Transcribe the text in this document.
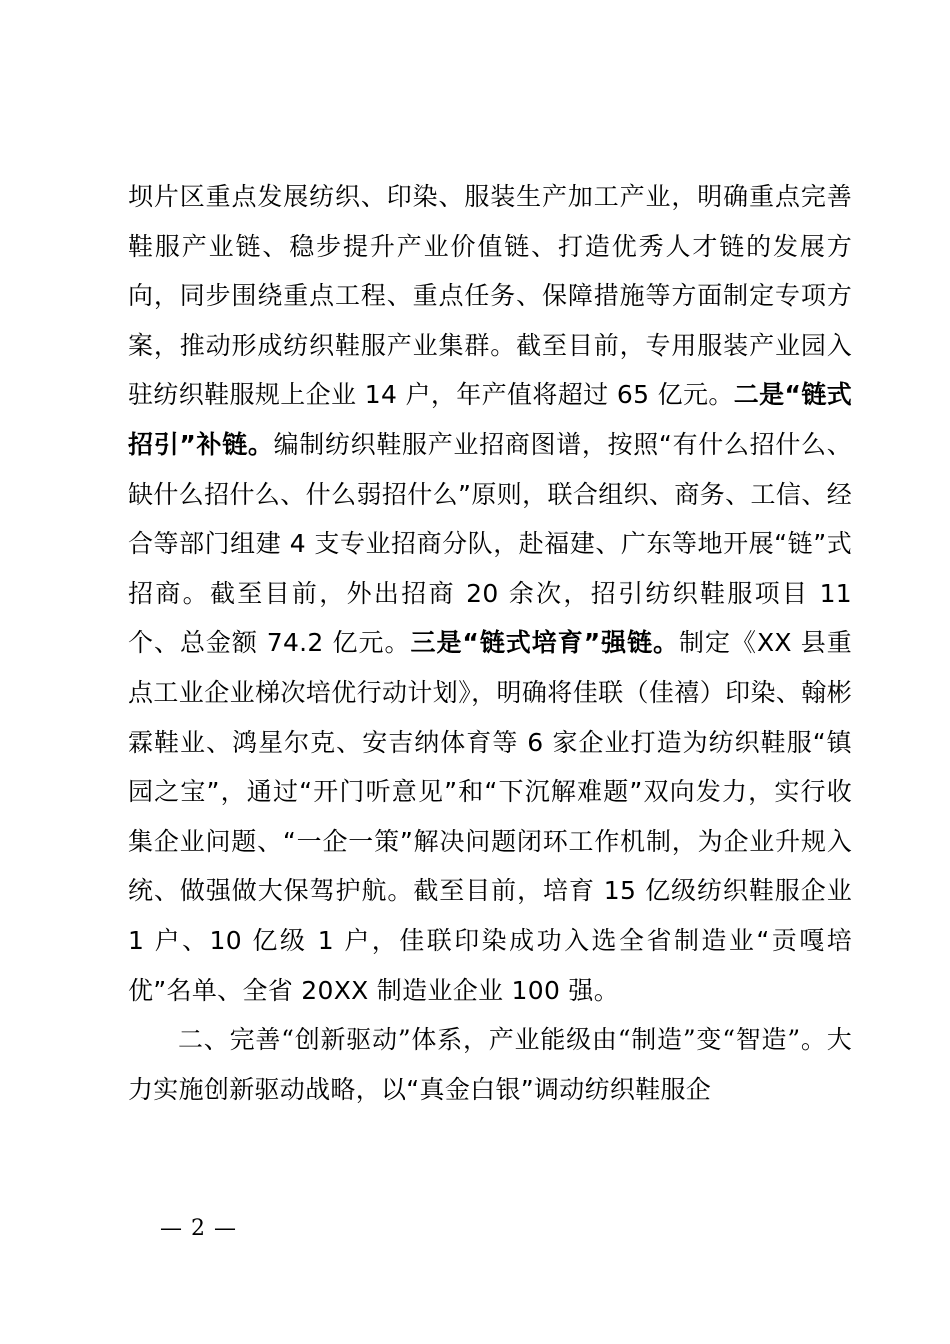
坝片区重点发展纺织、印染、服装生产加工产业，明确重点完善鞋服产业链、稳步提升产业价值链、打造优秀人才链的发展方向，同步围绕重点工程、重点任务、保障措施等方面制定专项方案，推动形成纺织鞋服产业集群。截至目前，专用服装产业园入驻纺织鞋服规上企业 14 户，年产值将超过 65 亿元。二是“链式招引”补链。编制纺织鞋服产业招商图谱，按照“有什么招什么、缺什么招什么、什么弱招什么”原则，联合组织、商务、工信、经合等部门组建 4 支专业招商分队，赴福建、广东等地开展“链”式招商。截至目前，外出招商 20 余次，招引纺织鞋服项目 11 个、总金额 74.2 亿元。三是“链式培育”强链。制定《XX 县重点工业企业梯次培优行动计划》，明确将佳联（佳禧）印染、翰彬霖鞋业、鸿星尔克、安吉纳体育等 6 家企业打造为纺织鞋服“镇园之宝”，通过“开门听意见”和“下沉解难题”双向发力，实行收集企业问题、“一企一策”解决问题闭环工作机制，为企业升规入统、做强做大保驾护航。截至目前，培育 15 亿级纺织鞋服企业 1 户、10 亿级 1 户，佳联印染成功入选全省制造业“贡嘎培优”名单、全省 20XX 制造业企业 100 强。

二、完善“创新驱动”体系，产业能级由“制造”变“智造”。大力实施创新驱动战略，以“真金白银”调动纺织鞋服企

— 2 —
